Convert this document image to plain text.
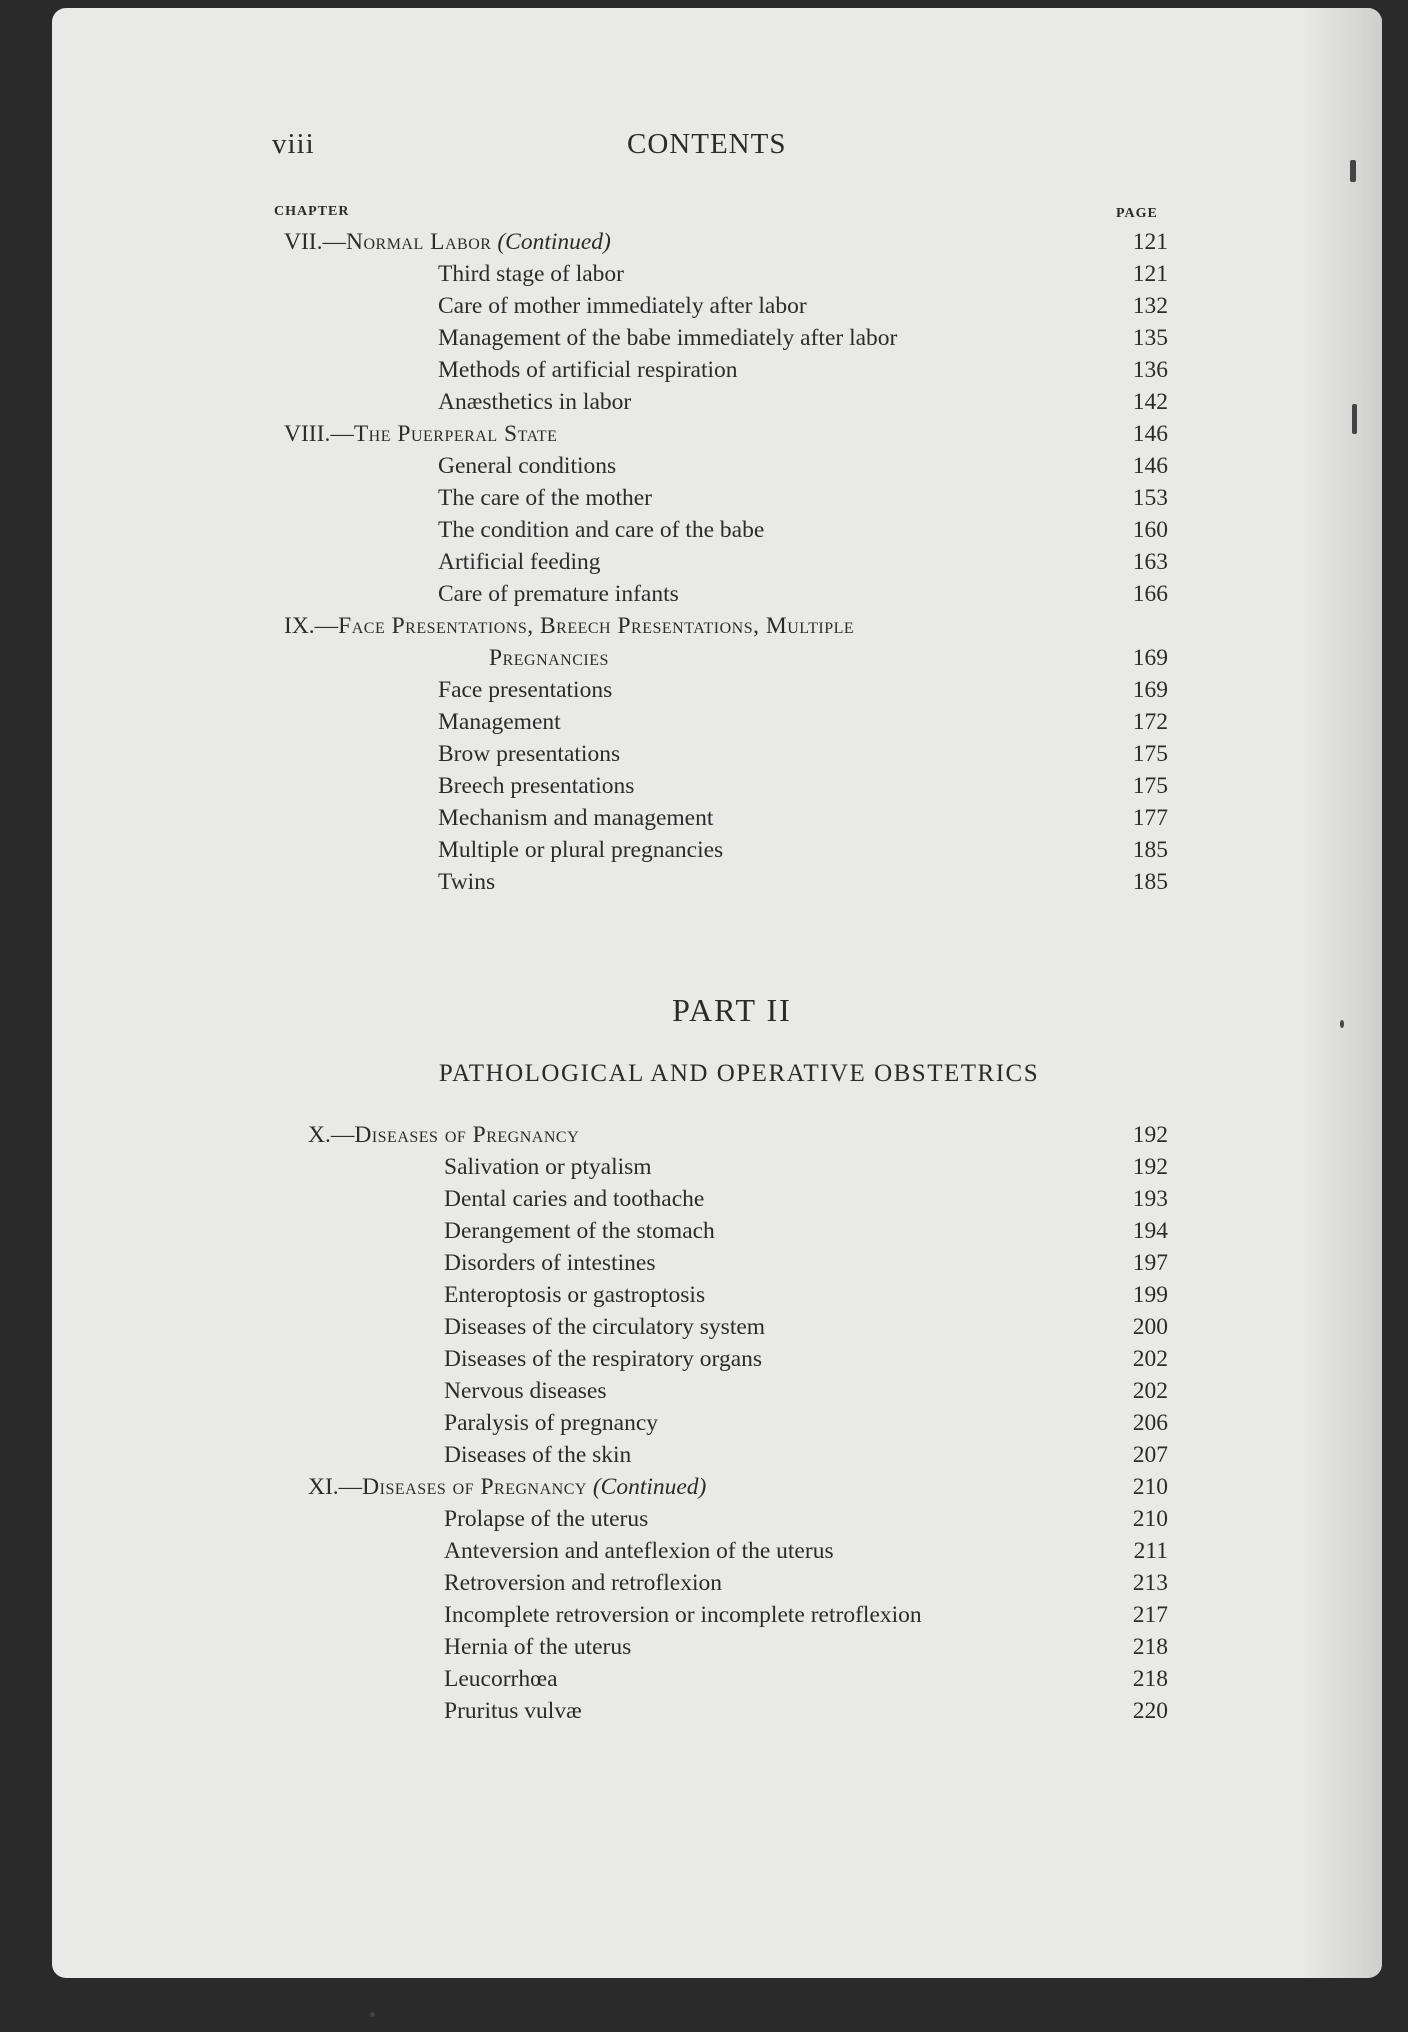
viii	CONTENTS
CHAPTER	PAGE
VII.—Normal Labor (Continued)	121
Third stage of labor	121
Care of mother immediately after labor	132
Management of the babe immediately after labor	135
Methods of artificial respiration	136
Anæsthetics in labor	142
VIII.—The Puerperal State	146
General conditions	146
The care of the mother	153
The condition and care of the babe	160
Artificial feeding	163
Care of premature infants	166
IX.—Face Presentations, Breech Presentations, Multiple
Pregnancies	169
Face presentations	169
Management	172
Brow presentations	175
Breech presentations	175
Mechanism and management	177
Multiple or plural pregnancies	185
Twins	185
PART II
PATHOLOGICAL AND OPERATIVE OBSTETRICS
X.—Diseases of Pregnancy	192
Salivation or ptyalism	192
Dental caries and toothache	193
Derangement of the stomach	194
Disorders of intestines	197
Enteroptosis or gastroptosis	199
Diseases of the circulatory system	200
Diseases of the respiratory organs	202
Nervous diseases	202
Paralysis of pregnancy	206
Diseases of the skin	207
XI.—Diseases of Pregnancy (Continued)	210
Prolapse of the uterus	210
Anteversion and anteflexion of the uterus	211
Retroversion and retroflexion	213
Incomplete retroversion or incomplete retroflexion	217
Hernia of the uterus	218
Leucorrhœa	218
Pruritus vulvæ	220
